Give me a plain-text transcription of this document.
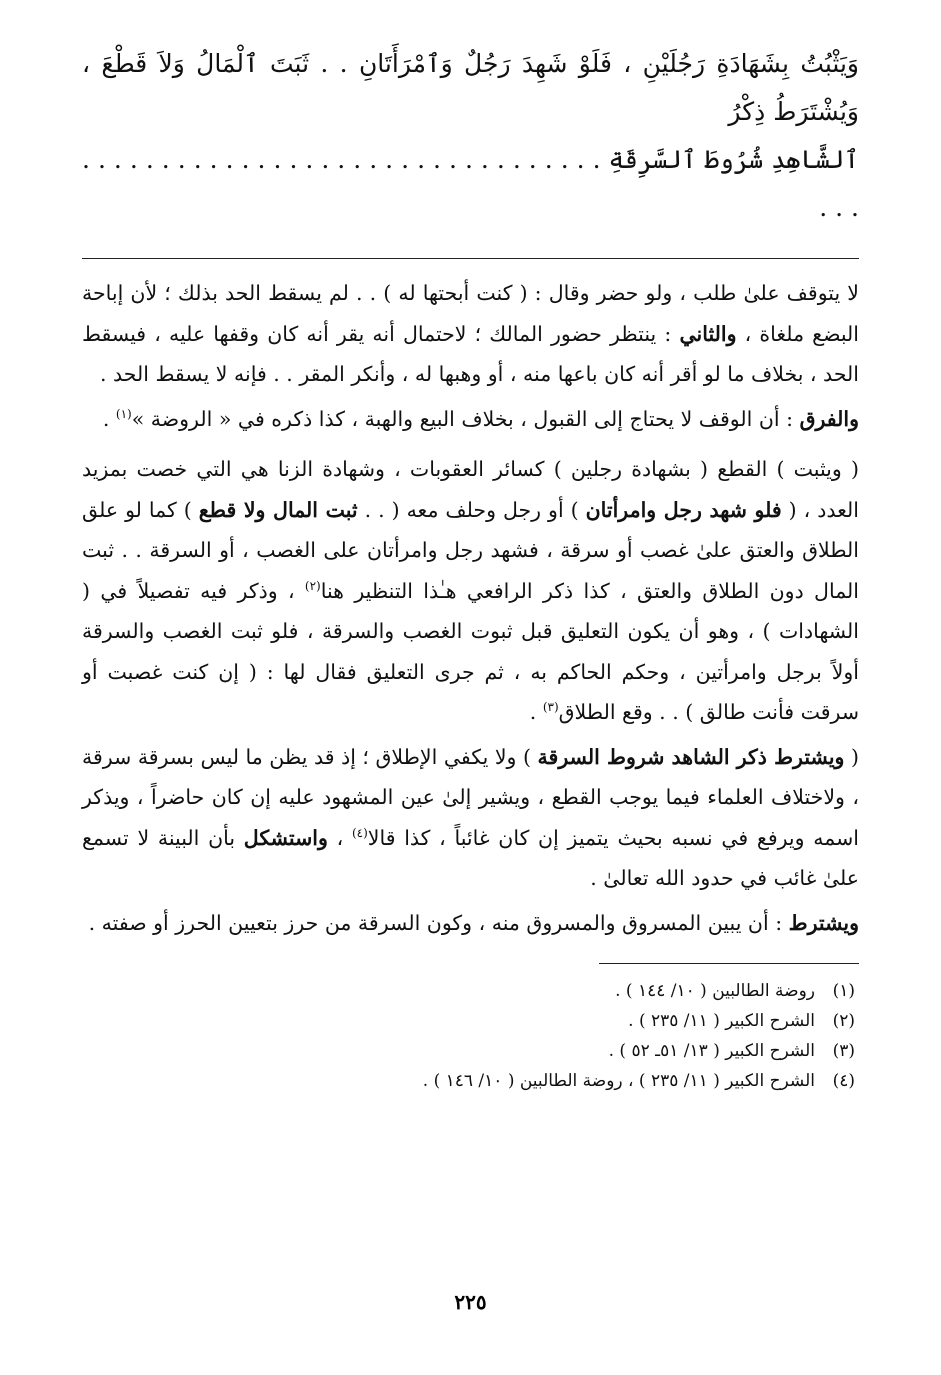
وَيَثْبُتُ بِشَهَادَةِ رَجُلَيْنِ ، فَلَوْ شَهِدَ رَجُلٌ وَٱمْرَأَتَانِ . . ثَبَتَ ٱلْمَالُ وَلاَ قَطْعَ ، وَيُشْتَرَطُ ذِكْرُ
ٱلشَّاهِدِ شُرُوطَ ٱلسَّرِقَةِ . . . . . . . . . . . . . . . . . . . . . . . . . . . . . . . . . . . .

لا يتوقف علىٰ طلب ، ولو حضر وقال : ( كنت أبحتها له ) . . لم يسقط الحد بذلك ؛ لأن إباحة البضع ملغاة ، والثاني : ينتظر حضور المالك ؛ لاحتمال أنه يقر أنه كان وقفها عليه ، فيسقط الحد ، بخلاف ما لو أقر أنه كان باعها منه ، أو وهبها له ، وأنكر المقر . . فإنه لا يسقط الحد .

والفرق : أن الوقف لا يحتاج إلى القبول ، بخلاف البيع والهبة ، كذا ذكره في « الروضة »$^{(١)}$ .

( ويثبت ) القطع ( بشهادة رجلين ) كسائر العقوبات ، وشهادة الزنا هي التي خصت بمزيد العدد ، ( فلو شهد رجل وامرأتان ) أو رجل وحلف معه ( . . ثبت المال ولا قطع ) كما لو علق الطلاق والعتق علىٰ غصب أو سرقة ، فشهد رجل وامرأتان على الغصب ، أو السرقة . . ثبت المال دون الطلاق والعتق ، كذا ذكر الرافعي هـٰذا التنظير هنا$^{(٢)}$ ، وذكر فيه تفصيلاً في ( الشهادات ) ، وهو أن يكون التعليق قبل ثبوت الغصب والسرقة ، فلو ثبت الغصب والسرقة أولاً برجل وامرأتين ، وحكم الحاكم به ، ثم جرى التعليق فقال لها : ( إن كنت غصبت أو سرقت فأنت طالق ) . . وقع الطلاق$^{(٣)}$ .

( ويشترط ذكر الشاهد شروط السرقة ) ولا يكفي الإطلاق ؛ إذ قد يظن ما ليس بسرقة سرقة ، ولاختلاف العلماء فيما يوجب القطع ، ويشير إلىٰ عين المشهود عليه إن كان حاضراً ، ويذكر اسمه ويرفع في نسبه بحيث يتميز إن كان غائباً ، كذا قالا$^{(٤)}$ ، واستشكل بأن البينة لا تسمع علىٰ غائب في حدود الله تعالىٰ .

ويشترط : أن يبين المسروق والمسروق منه ، وكون السرقة من حرز بتعيين الحرز أو صفته .

(١)روضة الطالبين ( ١٠/ ١٤٤ ) .
(٢)الشرح الكبير ( ١١/ ٢٣٥ ) .
(٣)الشرح الكبير ( ١٣/ ٥١ـ ٥٢ ) .
(٤)الشرح الكبير ( ١١/ ٢٣٥ ) ، روضة الطالبين ( ١٠/ ١٤٦ ) .
٢٢٥
